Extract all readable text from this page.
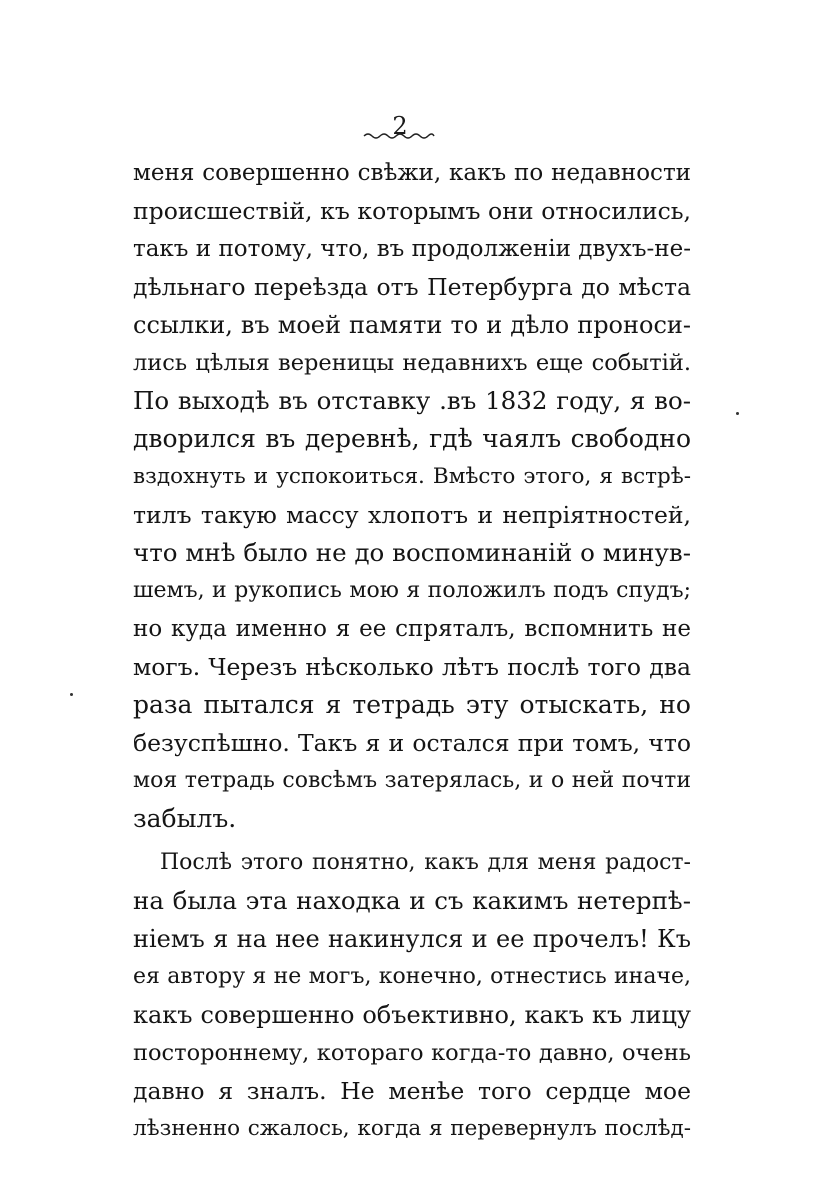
2
меня совершенно свѣжи, какъ по недавности
происшествій, къ которымъ они относились,
такъ и потому, что, въ продолженіи двухъ-не-
дѣльнаго переѣзда отъ Петербурга до мѣста
ссылки, въ моей памяти то и дѣло проноси-
лись цѣлыя вереницы недавнихъ еще событій.
По выходѣ въ отставку .въ 1832 году, я во-
дворился въ деревнѣ, гдѣ чаялъ свободно
вздохнуть и успокоиться. Вмѣсто этого, я встрѣ-
тилъ такую массу хлопотъ и непріятностей,
что мнѣ было не до воспоминаній о минув-
шемъ, и рукопись мою я положилъ подъ спудъ;
но куда именно я ее спряталъ, вспомнить не
могъ. Черезъ нѣсколько лѣтъ послѣ того два
раза пытался я тетрадь эту отыскать, но
безуспѣшно. Такъ я и остался при томъ, что
моя тетрадь совсѣмъ затерялась, и о ней почти
забылъ.
Послѣ этого понятно, какъ для меня радост-
на была эта находка и съ какимъ нетерпѣ-
ніемъ я на нее накинулся и ее прочелъ! Къ
ея автору я не могъ, конечно, отнестись иначе,
какъ совершенно объективно, какъ къ лицу
постороннему, котораго когда-то давно, очень
давно я зналъ. Не менѣе того сердце мое
лѣзненно сжалось, когда я перевернулъ послѣд-
